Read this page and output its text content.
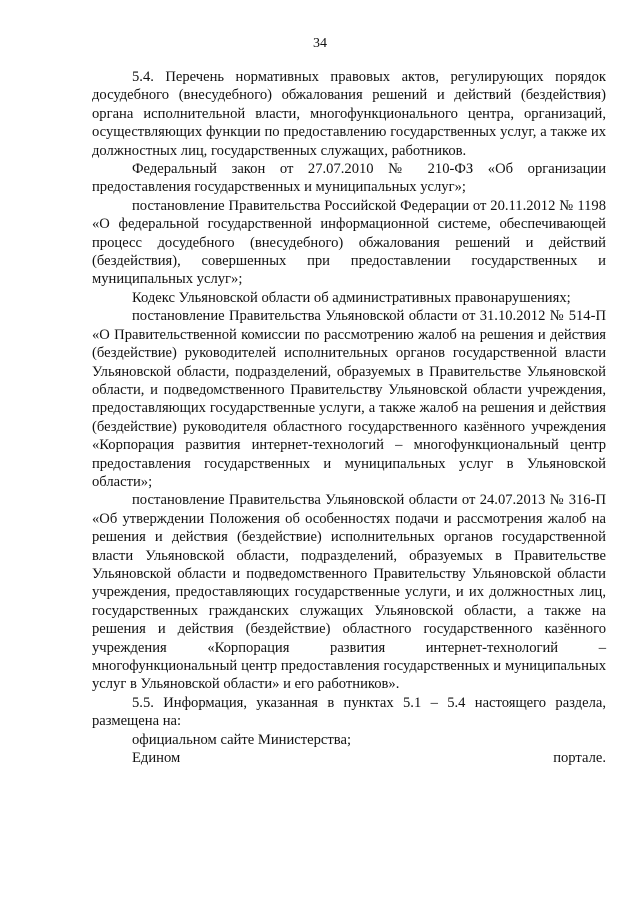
34

5.4. Перечень нормативных правовых актов, регулирующих порядок досудебного (внесудебного) обжалования решений и действий (бездействия) органа исполнительной власти, многофункционального центра, организаций, осуществляющих функции по предоставлению государственных услуг, а также их должностных лиц, государственных служащих, работников.

Федеральный закон от 27.07.2010 № 210-ФЗ «Об организации предоставления государственных и муниципальных услуг»;

постановление Правительства Российской Федерации от 20.11.2012 № 1198 «О федеральной государственной информационной системе, обеспечивающей процесс досудебного (внесудебного) обжалования решений и действий (бездействия), совершенных при предоставлении государственных и муниципальных услуг»;

Кодекс Ульяновской области об административных правонарушениях;

постановление Правительства Ульяновской области от 31.10.2012 № 514-П «О Правительственной комиссии по рассмотрению жалоб на решения и действия (бездействие) руководителей исполнительных органов государственной власти Ульяновской области, подразделений, образуемых в Правительстве Ульяновской области, и подведомственного Правительству Ульяновской области учреждения, предоставляющих государственные услуги, а также жалоб на решения и действия (бездействие) руководителя областного государственного казённого учреждения «Корпорация развития интернет-технологий – многофункциональный центр предоставления государственных и муниципальных услуг в Ульяновской области»;

постановление Правительства Ульяновской области от 24.07.2013 № 316-П «Об утверждении Положения об особенностях подачи и рассмотрения жалоб на решения и действия (бездействие) исполнительных органов государственной власти Ульяновской области, подразделений, образуемых в Правительстве Ульяновской области и подведомственного Правительству Ульяновской области учреждения, предоставляющих государственные услуги, и их должностных лиц, государственных гражданских служащих Ульяновской области, а также на решения и действия (бездействие) областного государственного казённого учреждения «Корпорация развития интернет-технологий – многофункциональный центр предоставления государственных и муниципальных услуг в Ульяновской области» и его работников».

5.5. Информация, указанная в пунктах 5.1 – 5.4 настоящего раздела, размещена на:

официальном сайте Министерства;

Едином	портале.
